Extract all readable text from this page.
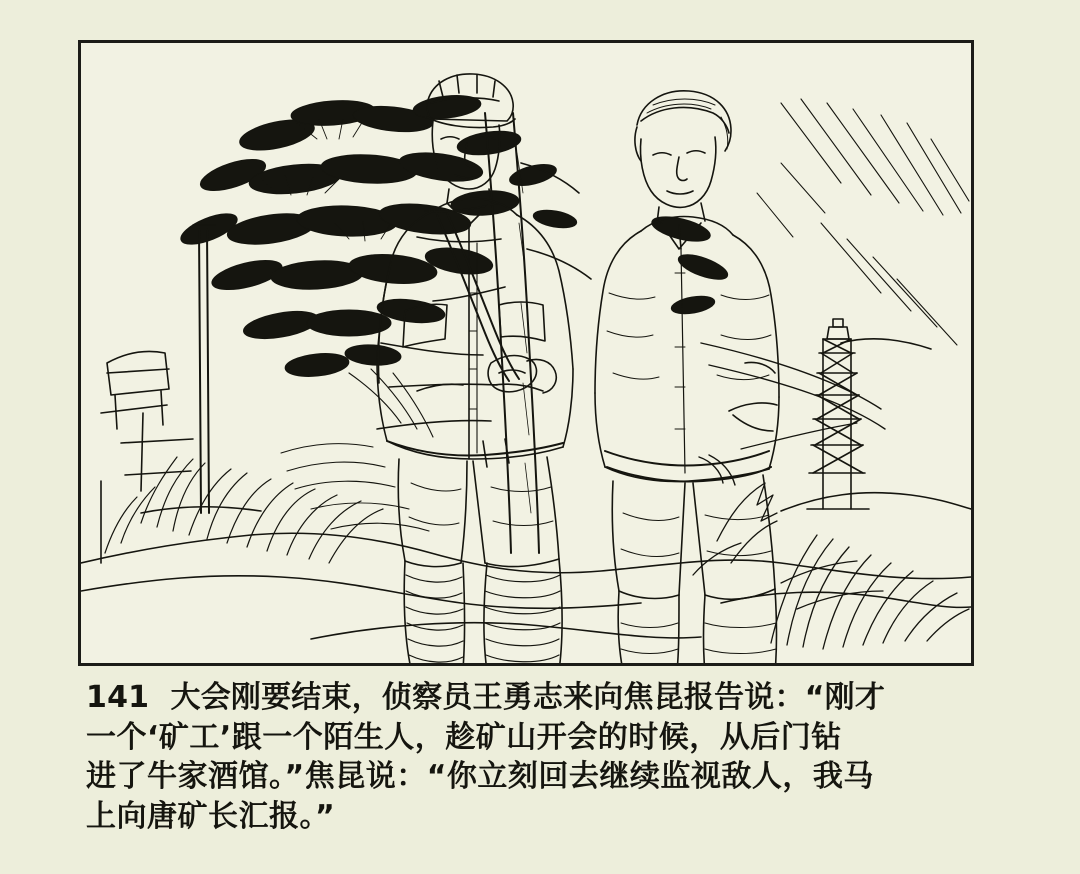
141  大会刚要结束，侦察员王勇志来向焦昆报告说：“刚才
一个‘矿工’跟一个陌生人，趁矿山开会的时候，从后门钻
进了牛家酒馆。”焦昆说：“你立刻回去继续监视敌人，我马
上向唐矿长汇报。”
